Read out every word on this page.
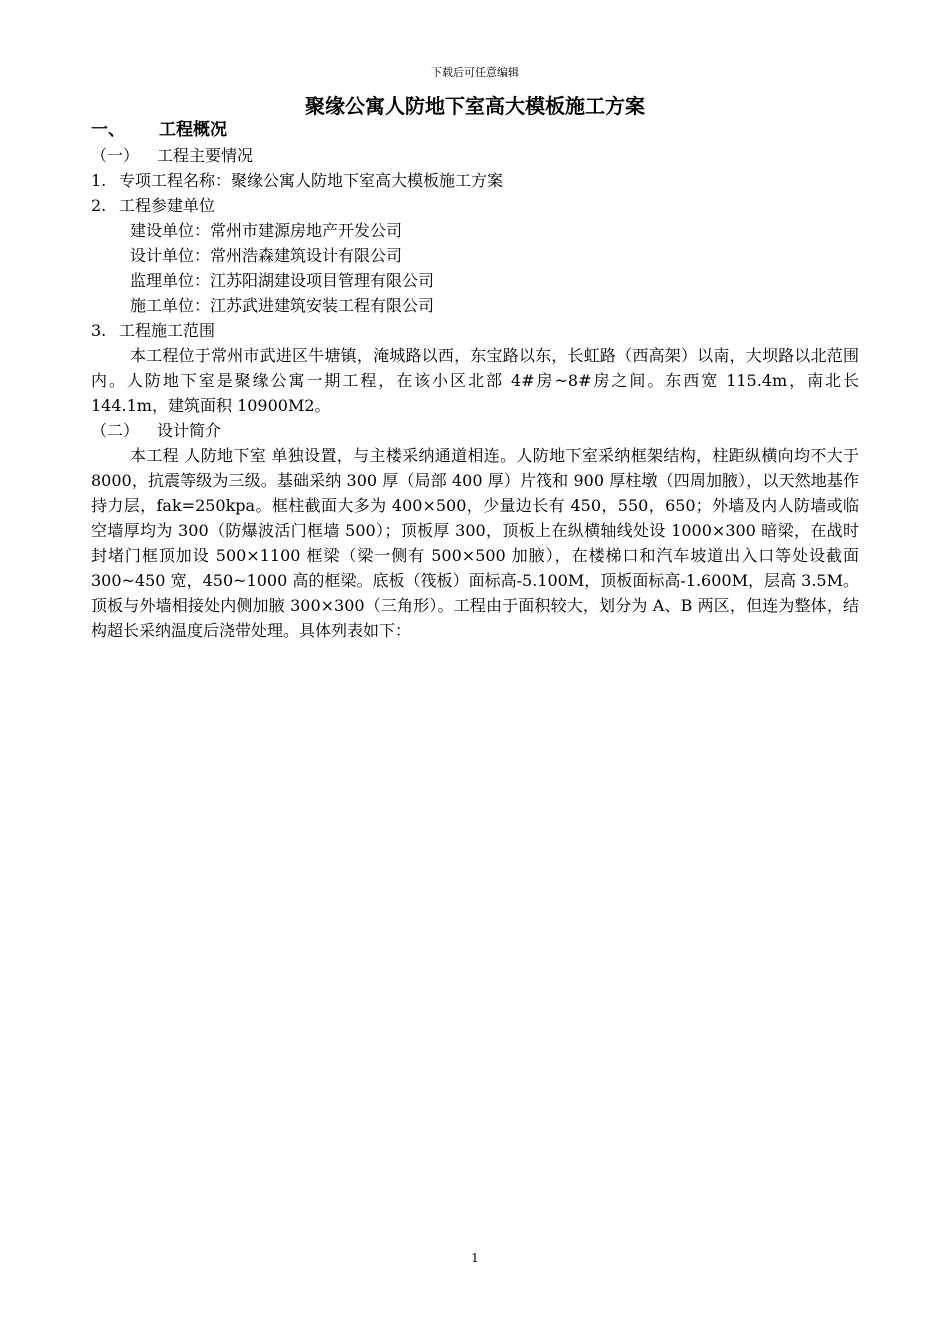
下载后可任意编辑
聚缘公寓人防地下室高大模板施工方案
一、 工程概况
（一） 工程主要情况
1. 专项工程名称：聚缘公寓人防地下室高大模板施工方案
2. 工程参建单位
建设单位：常州市建源房地产开发公司
设计单位：常州浩森建筑设计有限公司
监理单位：江苏阳湖建设项目管理有限公司
施工单位：江苏武进建筑安装工程有限公司
3. 工程施工范围

本工程位于常州市武进区牛塘镇，淹城路以西，东宝路以东，长虹路（西高架）以南，大坝路以北范围内。人防地下室是聚缘公寓一期工程，在该小区北部 4#房~8#房之间。东西宽 115.4m，南北长 144.1m，建筑面积 10900M2。

（二） 设计简介

本工程 人防地下室 单独设置，与主楼采纳通道相连。人防地下室采纳框架结构，柱距纵横向均不大于 8000，抗震等级为三级。基础采纳 300 厚（局部 400 厚）片筏和 900 厚柱墩（四周加腋），以天然地基作持力层，fak=250kpa。框柱截面大多为 400×500，少量边长有 450，550，650；外墙及内人防墙或临空墙厚均为 300（防爆波活门框墙 500）；顶板厚 300，顶板上在纵横轴线处设 1000×300 暗梁，在战时封堵门框顶加设 500×1100 框梁（梁一侧有 500×500 加腋），在楼梯口和汽车坡道出入口等处设截面 300~450 宽，450~1000 高的框梁。底板（筏板）面标高-5.100M，顶板面标高-1.600M，层高 3.5M。顶板与外墙相接处内侧加腋 300×300（三角形）。工程由于面积较大，划分为 A、B 两区，但连为整体，结构超长采纳温度后浇带处理。具体列表如下：

1
